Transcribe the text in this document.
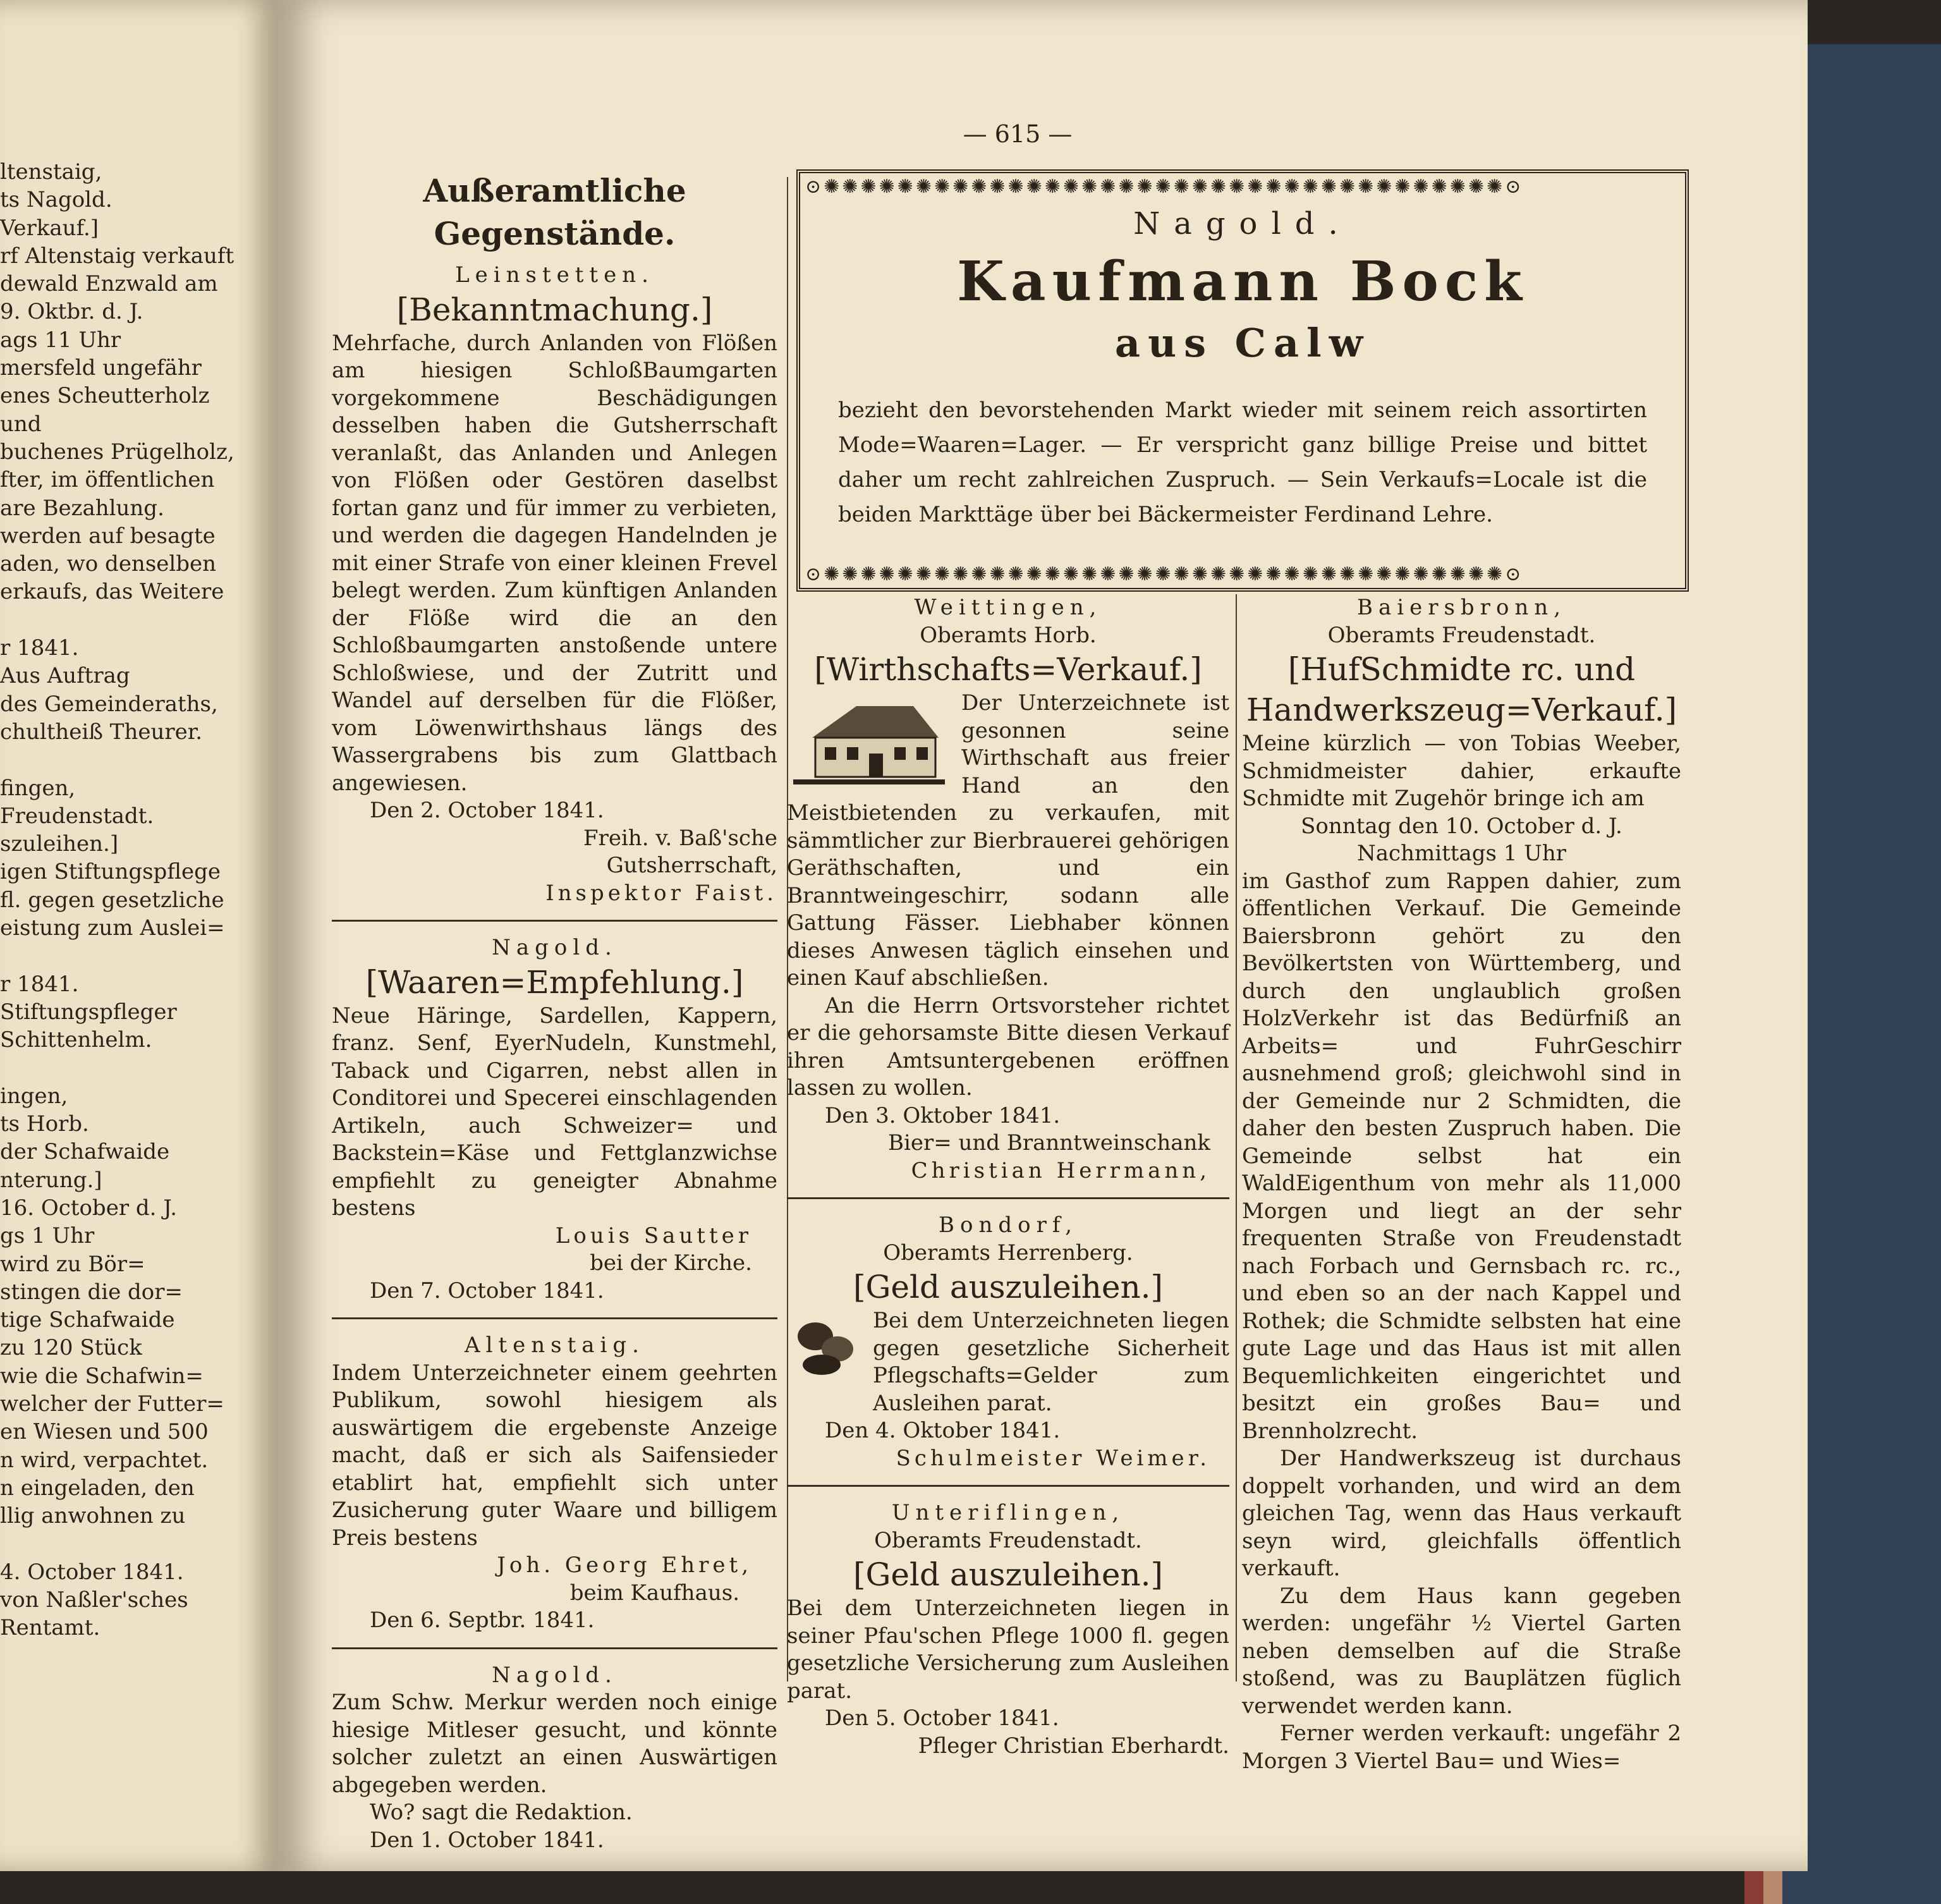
ltenstaig,
ts Nagold.
Verkauf.]
rf Altenstaig verkauft
dewald Enzwald am
9. Oktbr. d. J.
ags 11 Uhr
mersfeld ungefähr
enes Scheutterholz
und
buchenes Prügelholz,
fter, im öffentlichen
are Bezahlung.
werden auf besagte
aden, wo denselben
erkaufs, das Weitere

r 1841.
Aus Auftrag
des Gemeinderaths,
chultheiß Theurer.

fingen,
Freudenstadt.
szuleihen.]
igen Stiftungspflege
fl. gegen gesetzliche
eistung zum Auslei=

r 1841.
Stiftungspfleger
Schittenhelm.

ingen,
ts Horb.
der Schafwaide
nterung.]
16. October d. J.
gs 1 Uhr
wird zu Bör=
stingen die dor=
tige Schafwaide
zu 120 Stück
wie die Schafwin=
welcher der Futter=
en Wiesen und 500
n wird, verpachtet.
n eingeladen, den
llig anwohnen zu

4. October 1841.
von Naßler'sches
Rentamt.
— 615 —
Außeramtliche Gegenstände.
Leinstetten.
[Bekanntmachung.]

Mehrfache, durch Anlanden von Flößen am hiesigen SchloßBaumgarten vorgekommene Beschädigungen desselben haben die Gutsherrschaft veranlaßt, das Anlanden und Anlegen von Flößen oder Gestören daselbst fortan ganz und für immer zu verbieten, und werden die dagegen Handelnden je mit einer Strafe von einer kleinen Frevel belegt werden. Zum künftigen Anlanden der Flöße wird die an den Schloßbaumgarten anstoßende untere Schloßwiese, und der Zutritt und Wandel auf derselben für die Flößer, vom Löwenwirthshaus längs des Wassergrabens bis zum Glattbach angewiesen.

Den 2. October 1841.
Freih. v. Baß'sche
Gutsherrschaft,
Inspektor Faist.
Nagold.
[Waaren=Empfehlung.]

Neue Häringe, Sardellen, Kappern, franz. Senf, EyerNudeln, Kunstmehl, Taback und Cigarren, nebst allen in Conditorei und Specerei einschlagenden Artikeln, auch Schweizer= und Backstein=Käse und Fettglanzwichse empfiehlt zu geneigter Abnahme bestens

Louis Sautter
bei der Kirche.
Den 7. October 1841.
Altenstaig.

Indem Unterzeichneter einem geehrten Publikum, sowohl hiesigem als auswärtigem die ergebenste Anzeige macht, daß er sich als Saifensieder etablirt hat, empfiehlt sich unter Zusicherung guter Waare und billigem Preis bestens

Joh. Georg Ehret,
beim Kaufhaus.
Den 6. Septbr. 1841.
Nagold.

Zum Schw. Merkur werden noch einige hiesige Mitleser gesucht, und könnte solcher zuletzt an einen Auswärtigen abgegeben werden.

Wo? sagt die Redaktion.
Den 1. October 1841.
⊙✺✺✺✺✺✺✺✺✺✺✺✺✺✺✺✺✺✺✺✺✺✺✺✺✺✺✺✺✺✺✺✺✺✺✺✺✺⊙
⊙✺✺✺✺✺✺✺✺✺✺✺✺✺✺✺✺✺✺✺✺✺✺✺✺✺✺✺✺✺✺✺✺✺✺✺✺✺⊙
Nagold.
Kaufmann Bock
aus Calw

bezieht den bevorstehenden Markt wieder mit seinem reich assortirten Mode=Waaren=Lager. — Er verspricht ganz billige Preise und bittet daher um recht zahlreichen Zuspruch. — Sein Verkaufs=Locale ist die beiden Markttäge über bei Bäckermeister Ferdinand Lehre.

Weittingen,
Oberamts Horb.
[Wirthschafts=Verkauf.]

Der Unterzeichnete ist gesonnen seine Wirthschaft aus freier Hand an den Meistbietenden zu verkaufen, mit sämmtlicher zur Bierbrauerei gehörigen Geräthschaften, und ein Branntweingeschirr, sodann alle Gattung Fässer. Liebhaber können dieses Anwesen täglich einsehen und einen Kauf abschließen.

An die Herrn Ortsvorsteher richtet er die gehorsamste Bitte diesen Verkauf ihren Amtsuntergebenen eröffnen lassen zu wollen.

Den 3. Oktober 1841.
Bier= und Branntweinschank
Christian Herrmann,
Bondorf,
Oberamts Herrenberg.
[Geld auszuleihen.]

Bei dem Unterzeichneten liegen gegen gesetzliche Sicherheit Pflegschafts=Gelder zum Ausleihen parat.

Den 4. Oktober 1841.
Schulmeister Weimer.
Unteriflingen,
Oberamts Freudenstadt.
[Geld auszuleihen.]

Bei dem Unterzeichneten liegen in seiner Pfau'schen Pflege 1000 fl. gegen gesetzliche Versicherung zum Ausleihen parat.

Den 5. October 1841.
Pfleger Christian Eberhardt.
Baiersbronn,
Oberamts Freudenstadt.
[HufSchmidte rc. und Handwerkszeug=Verkauf.]

Meine kürzlich — von Tobias Weeber, Schmidmeister dahier, erkaufte Schmidte mit Zugehör bringe ich am

Sonntag den 10. October d. J.
Nachmittags 1 Uhr

im Gasthof zum Rappen dahier, zum öffentlichen Verkauf. Die Gemeinde Baiersbronn gehört zu den Bevölkertsten von Württemberg, und durch den unglaublich großen HolzVerkehr ist das Bedürfniß an Arbeits= und FuhrGeschirr ausnehmend groß; gleichwohl sind in der Gemeinde nur 2 Schmidten, die daher den besten Zuspruch haben. Die Gemeinde selbst hat ein WaldEigenthum von mehr als 11,000 Morgen und liegt an der sehr frequenten Straße von Freudenstadt nach Forbach und Gernsbach rc. rc., und eben so an der nach Kappel und Rothek; die Schmidte selbsten hat eine gute Lage und das Haus ist mit allen Bequemlichkeiten eingerichtet und besitzt ein großes Bau= und Brennholzrecht.

Der Handwerkszeug ist durchaus doppelt vorhanden, und wird an dem gleichen Tag, wenn das Haus verkauft seyn wird, gleichfalls öffentlich verkauft.

Zu dem Haus kann gegeben werden: ungefähr ½ Viertel Garten neben demselben auf die Straße stoßend, was zu Bauplätzen füglich verwendet werden kann.

Ferner werden verkauft: ungefähr 2 Morgen 3 Viertel Bau= und Wies=
